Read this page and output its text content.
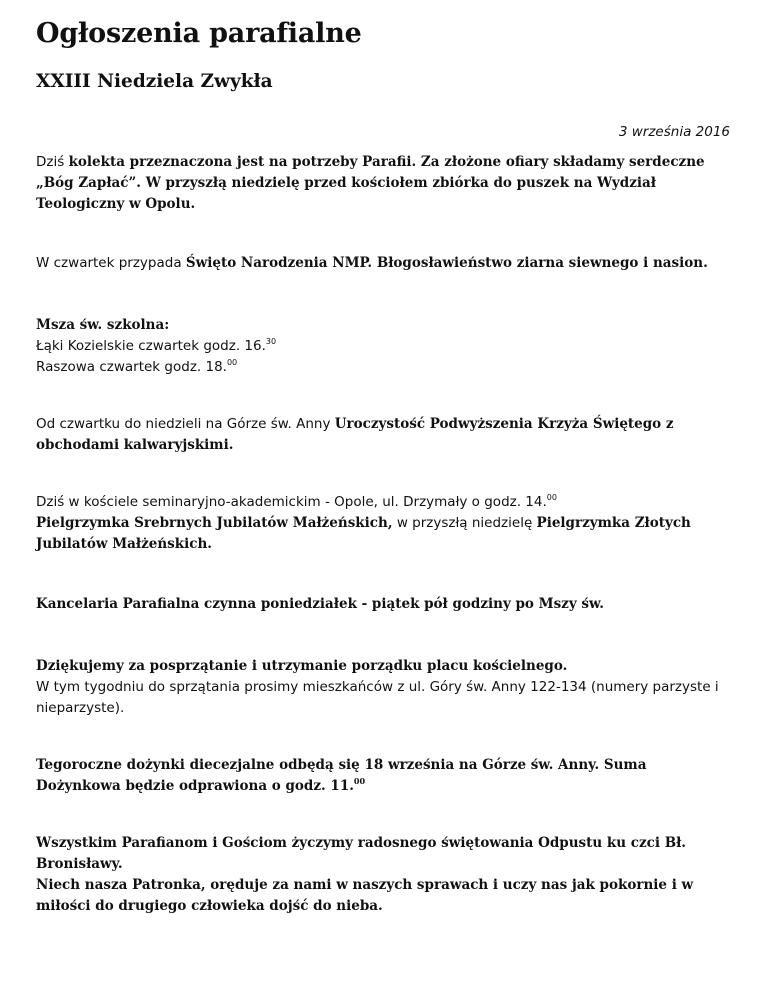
Ogłoszenia parafialne
XXIII Niedziela Zwykła
3 września 2016

Dziś kolekta przeznaczona jest na potrzeby Parafii. Za złożone ofiary składamy serdeczne „Bóg Zapłać”. W przyszłą niedzielę przed kościołem zbiórka do puszek na Wydział Teologiczny w Opolu.

W czwartek przypada Święto Narodzenia NMP. Błogosławieństwo ziarna siewnego i nasion.

Msza św. szkolna:
Łąki Kozielskie czwartek godz. 16.30
Raszowa czwartek godz. 18.00

Od czwartku do niedzieli na Górze św. Anny Uroczystość Podwyższenia Krzyża Świętego z obchodami kalwaryjskimi.

Dziś w kościele seminaryjno-akademickim - Opole, ul. Drzymały o godz. 14.00
Pielgrzymka Srebrnych Jubilatów Małżeńskich, w przyszłą niedzielę Pielgrzymka Złotych Jubilatów Małżeńskich.

Kancelaria Parafialna czynna poniedziałek - piątek pół godziny po Mszy św.

Dziękujemy za posprzątanie i utrzymanie porządku placu kościelnego.
W tym tygodniu do sprzątania prosimy mieszkańców z ul. Góry św. Anny 122-134 (numery parzyste i nieparzyste).

Tegoroczne dożynki diecezjalne odbędą się 18 września na Górze św. Anny. Suma Dożynkowa będzie odprawiona o godz. 11.00

Wszystkim Parafianom i Gościom życzymy radosnego świętowania Odpustu ku czci Bł. Bronisławy.
Niech nasza Patronka, oręduje za nami w naszych sprawach i uczy nas jak pokornie i w miłości do drugiego człowieka dojść do nieba.
